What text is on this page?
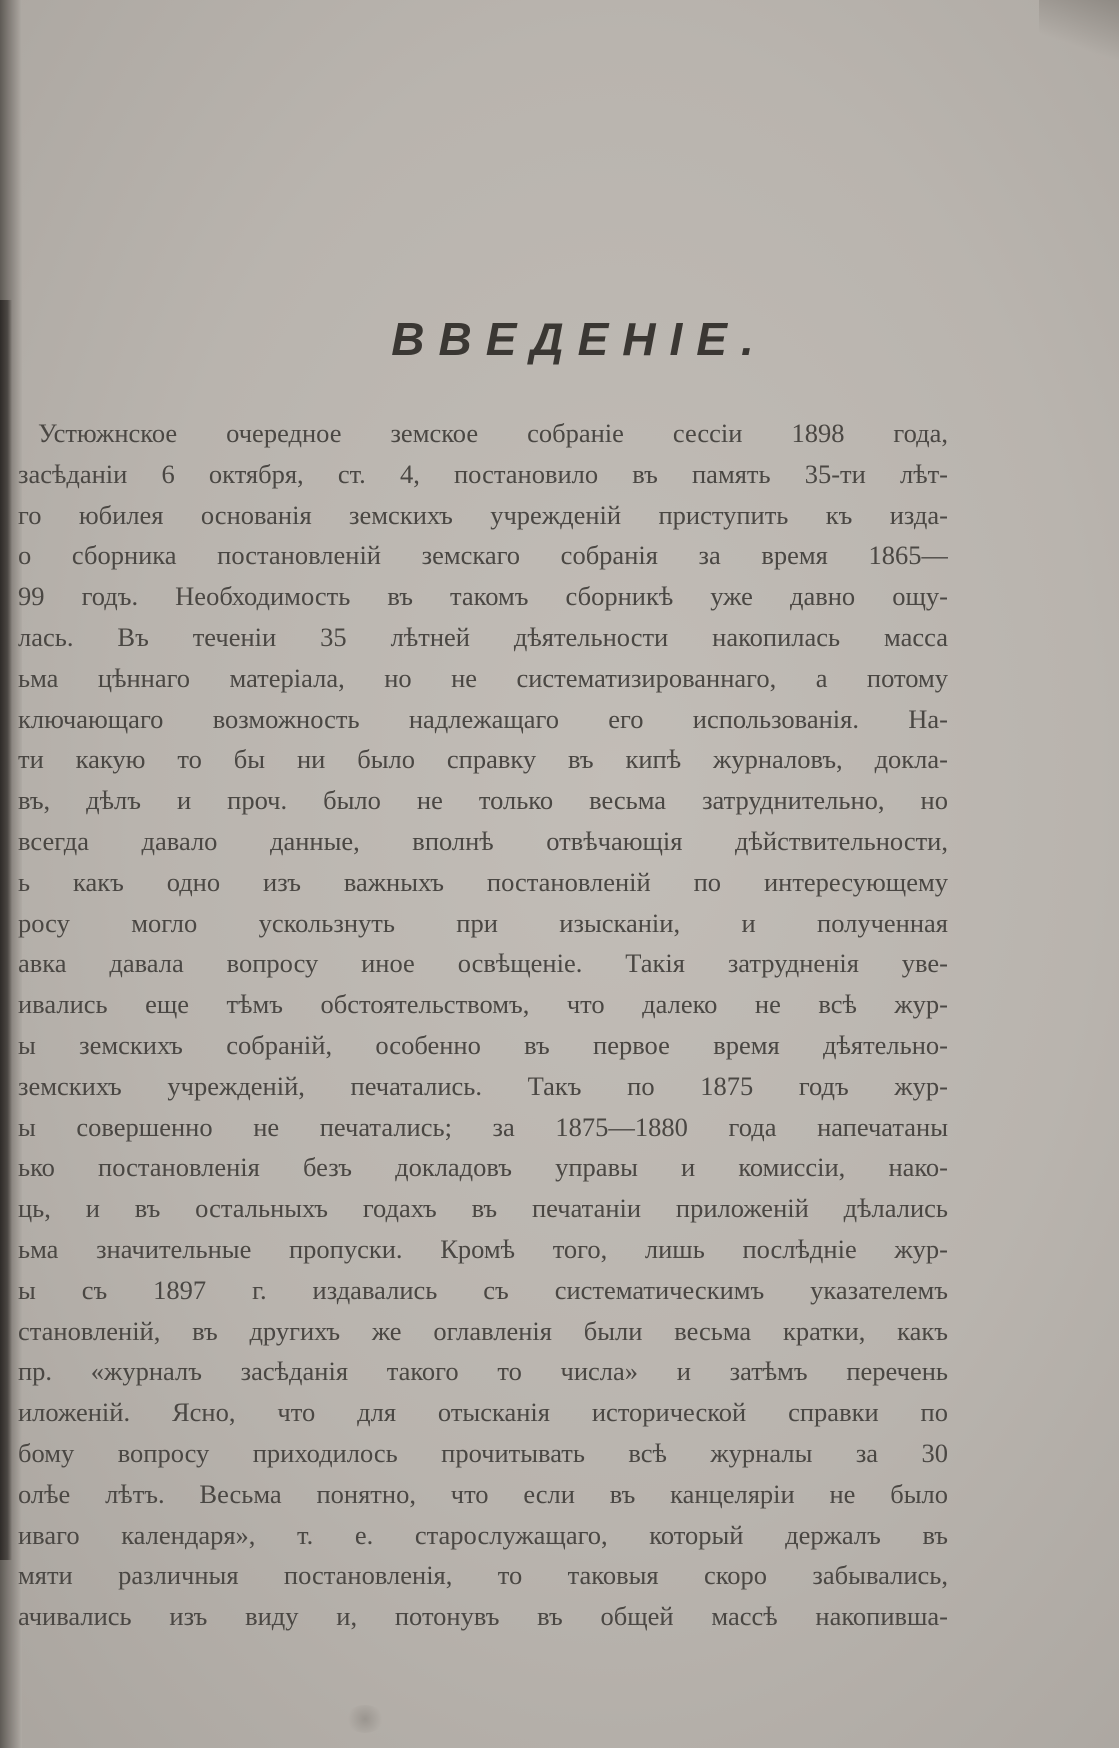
ВВЕДЕНIЕ.
Устюжнское очередное земское собранiе сессiи 1898 года,
засѣданiи 6 октября, ст. 4, постановило въ память 35-ти лѣт-
го юбилея основанiя земскихъ учрежденiй приступить къ изда-
о сборника постановленiй земскаго собранiя за время 1865—
99 годъ. Необходимость въ такомъ сборникѣ уже давно ощу-
лась. Въ теченiи 35 лѣтней дѣятельности накопилась масса
ьма цѣннаго матерiала, но не систематизированнаго, а потому
ключающаго возможность надлежащаго его использованiя. На-
ти какую то бы ни было справку въ кипѣ журналовъ, докла-
въ, дѣлъ и проч. было не только весьма затруднительно, но
всегда давало данные, вполнѣ отвѣчающiя дѣйствительности,
ь какъ одно изъ важныхъ постановленiй по интересующему
росу могло ускользнуть при изысканiи, и полученная
авка давала вопросу иное освѣщенiе. Такiя затрудненiя уве-
ивались еще тѣмъ обстоятельствомъ, что далеко не всѣ жур-
ы земскихъ собранiй, особенно въ первое время дѣятельно-
земскихъ учрежденiй, печатались. Такъ по 1875 годъ жур-
ы совершенно не печатались; за 1875—1880 года напечатаны
ько постановленiя безъ докладовъ управы и комиссiи, нако-
ць, и въ остальныхъ годахъ въ печатанiи приложенiй дѣлались
ьма значительные пропуски. Кромѣ того, лишь послѣднiе жур-
ы съ 1897 г. издавались съ систематическимъ указателемъ
становленiй, въ другихъ же оглавленiя были весьма кратки, какъ
пр. «журналъ засѣданiя такого то числа» и затѣмъ перечень
иложенiй. Ясно, что для отысканiя исторической справки по
бому вопросу приходилось прочитывать всѣ журналы за 30
олѣе лѣтъ. Весьма понятно, что если въ канцелярiи не было
иваго календаря», т. е. старослужащаго, который держалъ въ
мяти различныя постановленiя, то таковыя скоро забывались,
ачивались изъ виду и, потонувъ въ общей массѣ накопивша-
